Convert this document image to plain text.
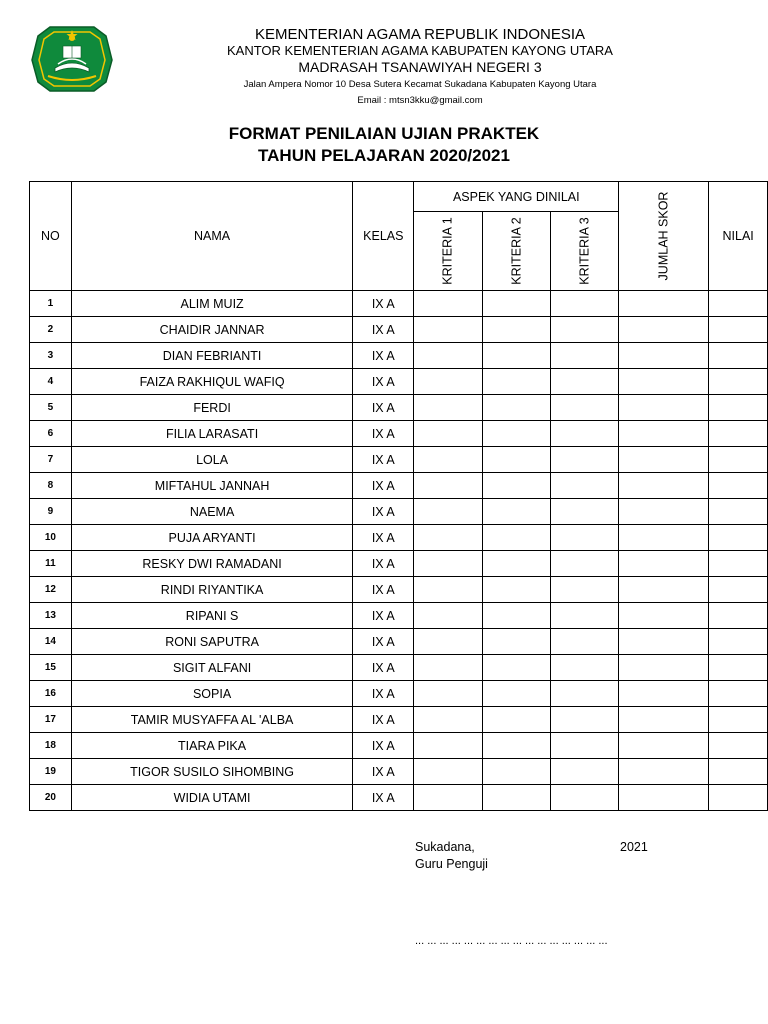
KEMENTERIAN AGAMA REPUBLIK INDONESIA
KANTOR KEMENTERIAN AGAMA KABUPATEN KAYONG UTARA
MADRASAH TSANAWIYAH NEGERI 3
Jalan Ampera Nomor 10 Desa Sutera Kecamat Sukadana Kabupaten Kayong Utara
Email : mtsn3kku@gmail.com
FORMAT PENILAIAN UJIAN PRAKTEK
TAHUN PELAJARAN 2020/2021
NO	NAMA	KELAS	ASPEK YANG DINILAI			JUMLAH SKOR	NILAI
			KRITERIA 1	KRITERIA 2	KRITERIA 3		
1	ALIM MUIZ	IX A					
2	CHAIDIR JANNAR	IX A					
3	DIAN FEBRIANTI	IX A					
4	FAIZA RAKHIQUL WAFIQ	IX A					
5	FERDI	IX A					
6	FILIA LARASATI	IX A					
7	LOLA	IX A					
8	MIFTAHUL JANNAH	IX A					
9	NAEMA	IX A					
10	PUJA ARYANTI	IX A					
11	RESKY DWI RAMADANI	IX A					
12	RINDI RIYANTIKA	IX A					
13	RIPANI S	IX A					
14	RONI SAPUTRA	IX A					
15	SIGIT ALFANI	IX A					
16	SOPIA	IX A					
17	TAMIR MUSYAFFA AL 'ALBA	IX A					
18	TIARA PIKA	IX A					
19	TIGOR SUSILO SIHOMBING	IX A					
20	WIDIA UTAMI	IX A					
Sukadana,	2021
Guru Penguji
... ... ... ... ... ... ... ... ... ... ... ... ... ... ... ...
